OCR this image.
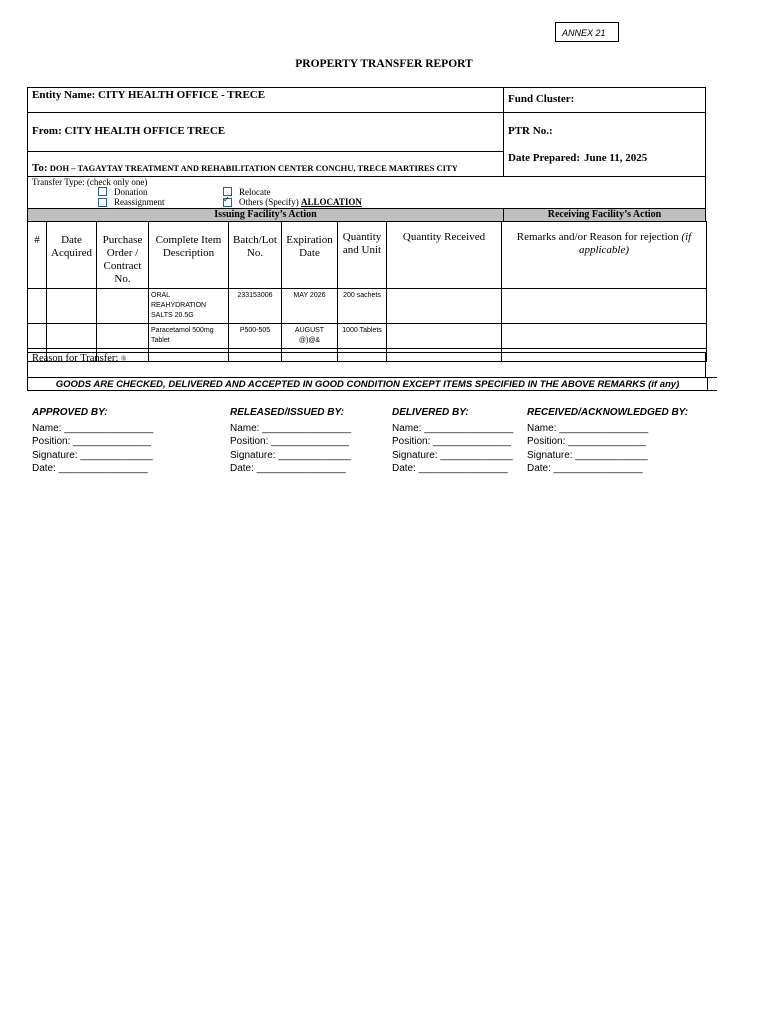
ANNEX 21
PROPERTY TRANSFER REPORT
Entity Name: CITY HEALTH OFFICE - TRECE	Fund Cluster:
From: CITY HEALTH OFFICE TRECE	PTR No.:
Date Prepared: June 11, 2025
To: DOH – TAGAYTAY TREATMENT AND REHABILITATION CENTER CONCHU, TRECE MARTIRES CITY
Transfer Type: (check only one)
Donation
Reassignment
Relocate
✓Others (Specify) ALLOCATION
Issuing Facility’s Action	Receiving Facility’s Action
#	Date Acquired	Purchase Order / Contract No.	Complete Item Description	Batch/Lot No.	Expiration Date	Quantity and Unit	Quantity Received	Remarks and/or Reason for rejection (if applicable)
			ORAL REAHYDRATION SALTS 20.5G	233153006	MAY 2026	200 sachets		
			Paracetamol 500mg Tablet	P500-505	AUGUST @)@&	1000 Tablets		

Reason for Transfer: ®
GOODS ARE CHECKED, DELIVERED AND ACCEPTED IN GOOD CONDITION EXCEPT ITEMS SPECIFIED IN THE ABOVE REMARKS (if any)
APPROVED BY:
Name: ________________
Position: ______________
Signature: _____________
Date: ________________
RELEASED/ISSUED BY:
Name: ________________
Position: ______________
Signature: _____________
Date: ________________
DELIVERED BY:
Name: ________________
Position: ______________
Signature: _____________
Date: ________________
RECEIVED/ACKNOWLEDGED BY:
Name: ________________
Position: ______________
Signature: _____________
Date: ________________
